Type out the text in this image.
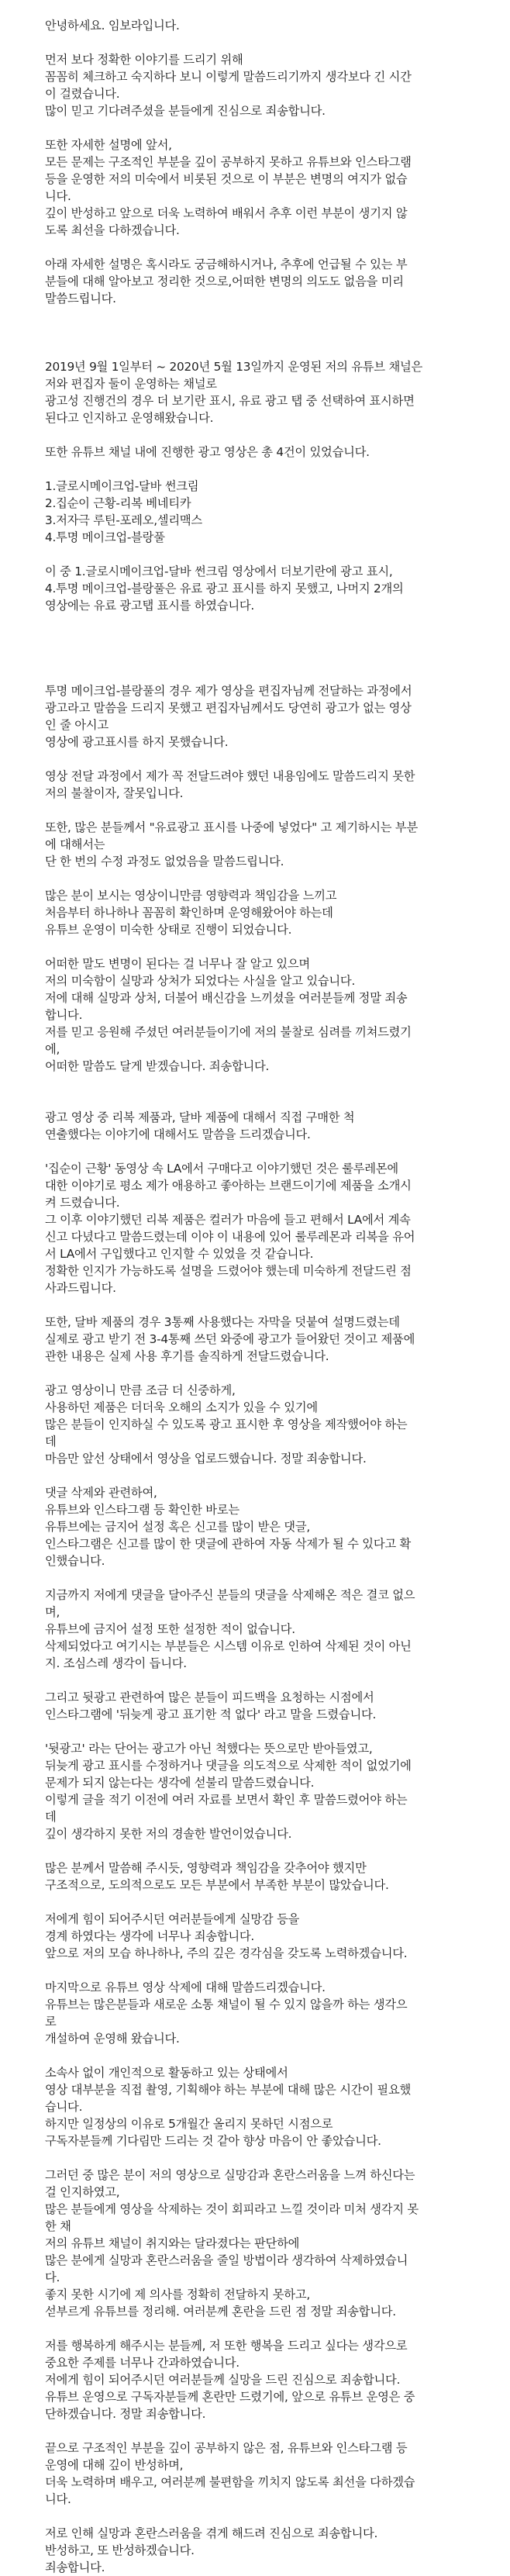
안녕하세요. 임보라입니다.

먼저 보다 정확한 이야기를 드리기 위해
꼼꼼히 체크하고 숙지하다 보니 이렇게 말씀드리기까지 생각보다 긴 시간
이 걸렸습니다.
많이 믿고 기다려주셨을 분들에게 진심으로 죄송합니다.

또한 자세한 설명에 앞서,
모든 문제는 구조적인 부분을 깊이 공부하지 못하고 유튜브와 인스타그램
등을 운영한 저의 미숙에서 비롯된 것으로 이 부분은 변명의 여지가 없습
니다.
깊이 반성하고 앞으로 더욱 노력하여 배워서 추후 이런 부분이 생기지 않
도록 최선을 다하겠습니다.

아래 자세한 설명은 혹시라도 궁금해하시거나, 추후에 언급될 수 있는 부
분들에 대해 알아보고 정리한 것으로,어떠한 변명의 의도도 없음을 미리
말씀드립니다.

2019년 9월 1일부터 ~ 2020년 5월 13일까지 운영된 저의 유튜브 채널은
저와 편집자 둘이 운영하는 채널로
광고성 진행건의 경우 더 보기란 표시, 유료 광고 탭 중 선택하여 표시하면
된다고 인지하고 운영해왔습니다.

또한 유튜브 채널 내에 진행한 광고 영상은 총 4건이 있었습니다.

1.글로시메이크업-달바 썬크림
2.집순이 근황-리복 베네티카
3.저자극 루틴-포레오,셀리맥스
4.투명 메이크업-블랑풀

이 중 1.글로시메이크업-달바 썬크림 영상에서 더보기란에 광고 표시,
4.투명 메이크업-블랑풀은 유료 광고 표시를 하지 못했고, 나머지 2개의
영상에는 유료 광고탭 표시를 하였습니다.

투명 메이크업-블랑풀의 경우 제가 영상을 편집자님께 전달하는 과정에서
광고라고 말씀을 드리지 못했고 편집자님께서도 당연히 광고가 없는 영상
인 줄 아시고
영상에 광고표시를 하지 못했습니다.

영상 전달 과정에서 제가 꼭 전달드려야 했던 내용임에도 말씀드리지 못한
저의 불찰이자, 잘못입니다.

또한, 많은 분들께서 "유료광고 표시를 나중에 넣었다" 고 제기하시는 부분
에 대해서는
단 한 번의 수정 과정도 없었음을 말씀드립니다.

많은 분이 보시는 영상이니만큼 영향력과 책임감을 느끼고
처음부터 하나하나 꼼꼼히 확인하며 운영해왔어야 하는데
유튜브 운영이 미숙한 상태로 진행이 되었습니다.

어떠한 말도 변명이 된다는 걸 너무나 잘 알고 있으며
저의 미숙함이 실망과 상처가 되었다는 사실을 알고 있습니다.
저에 대해 실망과 상처, 더불어 배신감을 느끼셨을 여러분들께 정말 죄송
합니다.
저를 믿고 응원해 주셨던 여러분들이기에 저의 불찰로 심려를 끼쳐드렸기
에,
어떠한 말씀도 달게 받겠습니다. 죄송합니다.

광고 영상 중 리복 제품과, 달바 제품에 대해서 직접 구매한 척
연출했다는 이야기에 대해서도 말씀을 드리겠습니다.

'집순이 근황' 동영상 속 LA에서 구매다고 이야기했던 것은 룰루레몬에
대한 이야기로 평소 제가 애용하고 좋아하는 브랜드이기에 제품을 소개시
켜 드렸습니다.
그 이후 이야기했던 리복 제품은 컬러가 마음에 들고 편해서 LA에서 계속
신고 다녔다고 말씀드렸는데 이야 이 내용에 있어 룰루레몬과 리복을 유어
서 LA에서 구입했다고 인지할 수 있었을 것 같습니다.
정확한 인지가 가능하도록 설명을 드렸어야 했는데 미숙하게 전달드린 점
사과드립니다.

또한, 달바 제품의 경우 3통째 사용했다는 자막을 덧붙여 설명드렸는데
실제로 광고 받기 전 3-4통째 쓰던 와중에 광고가 들어왔던 것이고 제품에
관한 내용은 실제 사용 후기를 솔직하게 전달드렸습니다.

광고 영상이니 만큼 조금 더 신중하게,
사용하던 제품은 더더욱 오해의 소지가 있을 수 있기에
많은 분들이 인지하실 수 있도록 광고 표시한 후 영상을 제작했어야 하는
데
마음만 앞선 상태에서 영상을 업로드했습니다. 정말 죄송합니다.

댓글 삭제와 관련하여,
유튜브와 인스타그램 등 확인한 바로는
유튜브에는 금지어 설정 혹은 신고를 많이 받은 댓글,
인스타그램은 신고를 많이 한 댓글에 관하여 자동 삭제가 될 수 있다고 확
인했습니다.

지금까지 저에게 댓글을 달아주신 분들의 댓글을 삭제해온 적은 결코 없으
며,
유튜브에 금지어 설정 또한 설정한 적이 없습니다.
삭제되었다고 여기시는 부분들은 시스템 이유로 인하여 삭제된 것이 아닌
지. 조심스레 생각이 듭니다.

그리고 뒷광고 관련하여 많은 분들이 피드백을 요청하는 시점에서
인스타그램에 '뒤늦게 광고 표기한 적 없다' 라고 말을 드렸습니다.

'뒷광고' 라는 단어는 광고가 아닌 척했다는 뜻으로만 받아들였고,
뒤늦게 광고 표시를 수정하거나 댓글을 의도적으로 삭제한 적이 없었기에
문제가 되지 않는다는 생각에 섣불리 말씀드렸습니다.
이렇게 글을 적기 이전에 여러 자료를 보면서 확인 후 말씀드렸어야 하는
데
깊이 생각하지 못한 저의 경솔한 발언이었습니다.

많은 분께서 말씀해 주시듯, 영향력과 책임감을 갖추어야 했지만
구조적으로, 도의적으로도 모든 부분에서 부족한 부분이 많았습니다.

저에게 힘이 되어주시던 여러분들에게 실망감 등을
경계 하였다는 생각에 너무나 죄송합니다.
앞으로 저의 모습 하나하나, 주의 깊은 경각심을 갖도록 노력하겠습니다.

마지막으로 유튜브 영상 삭제에 대해 말씀드리겠습니다.
유튜브는 많은분들과 새로운 소통 채널이 될 수 있지 않을까 하는 생각으
로
개설하여 운영해 왔습니다.

소속사 없이 개인적으로 활동하고 있는 상태에서
영상 대부분을 직접 촬영, 기획해야 하는 부분에 대해 많은 시간이 필요했
습니다.
하지만 일정상의 이유로 5개월간 올리지 못하던 시점으로
구독자분들께 기다림만 드리는 것 같아 향상 마음이 안 좋았습니다.

그러던 중 많은 분이 저의 영상으로 실망감과 혼란스러움을 느껴 하신다는
걸 인지하였고,
많은 분들에게 영상을 삭제하는 것이 회피라고 느낄 것이라 미처 생각지 못
한 채
저의 유튜브 채널이 취지와는 달라졌다는 판단하에
많은 분에게 실망과 혼란스러움을 줄일 방법이라 생각하여 삭제하였습니
다.
좋지 못한 시기에 제 의사를 정확히 전달하지 못하고,
섣부르게 유튜브를 정리해. 여러분께 혼란을 드린 점 정말 죄송합니다.

저를 행복하게 해주시는 분들께, 저 또한 행복을 드리고 싶다는 생각으로
중요한 주제를 너무나 간과하였습니다.
저에게 힘이 되어주시던 여러분들께 실망을 드린 진심으로 죄송합니다.
유튜브 운영으로 구독자분들께 혼란만 드렸기에, 앞으로 유튜브 운영은 중
단하겠습니다. 정말 죄송합니다.

끝으로 구조적인 부분을 깊이 공부하지 않은 점, 유튜브와 인스타그램 등
운영에 대해 깊이 반성하며,
더욱 노력하며 배우고, 여러분께 불편함을 끼치지 않도록 최선을 다하겠습
니다.

저로 인해 실망과 혼란스러움을 겪게 해드려 진심으로 죄송합니다.
반성하고, 또 반성하겠습니다.
죄송합니다.
